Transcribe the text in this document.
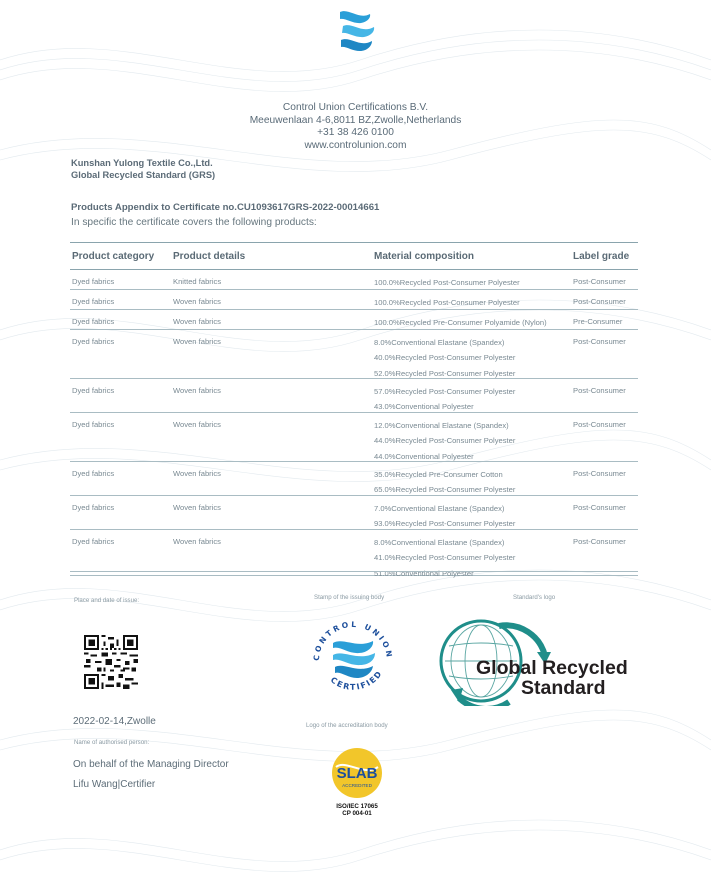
Control Union Certifications B.V.
Meeuwenlaan 4-6,8011 BZ,Zwolle,Netherlands
+31 38 426 0100
www.controlunion.com
Kunshan Yulong Textile Co.,Ltd.
Global Recycled Standard (GRS)
Products Appendix to Certificate no.CU1093617GRS-2022-00014661
In specific the certificate covers the following products:
Product category Product details	Material composition	Label grade
Dyed fabrics	Knitted fabrics	100.0%Recycled Post-Consumer Polyester	Post-Consumer
Dyed fabrics	Woven fabrics	100.0%Recycled Post-Consumer Polyester	Post-Consumer
Dyed fabrics	Woven fabrics	100.0%Recycled Pre-Consumer Polyamide (Nylon)	Pre-Consumer
Dyed fabrics	Woven fabrics	8.0%Conventional Elastane (Spandex)
40.0%Recycled Post-Consumer Polyester
52.0%Recycled Post-Consumer Polyester
Post-Consumer
Dyed fabrics	Woven fabrics	57.0%Recycled Post-Consumer Polyester
43.0%Conventional Polyester
Post-Consumer
Dyed fabrics	Woven fabrics	12.0%Conventional Elastane (Spandex)
44.0%Recycled Post-Consumer Polyester
44.0%Conventional Polyester
Post-Consumer
Dyed fabrics	Woven fabrics	35.0%Recycled Pre-Consumer Cotton
65.0%Recycled Post-Consumer Polyester
Post-Consumer
Dyed fabrics	Woven fabrics	7.0%Conventional Elastane (Spandex)
93.0%Recycled Post-Consumer Polyester
Post-Consumer
Dyed fabrics	Woven fabrics	8.0%Conventional Elastane (Spandex)
41.0%Recycled Post-Consumer Polyester
51.0%Conventional Polyester
Post-Consumer
Place and date of issue:	Stamp of the issuing body	Standard's logo
Logo of the accreditation body
2022-02-14,Zwolle
Name of authorised person:
On behalf of the Managing Director
Lifu Wang|Certifier
CONTROL UNION
CERTIFIED	Global Recycled
Standard
SLAB
ACCREDITED
ISO/IEC 17065
CP 004-01
